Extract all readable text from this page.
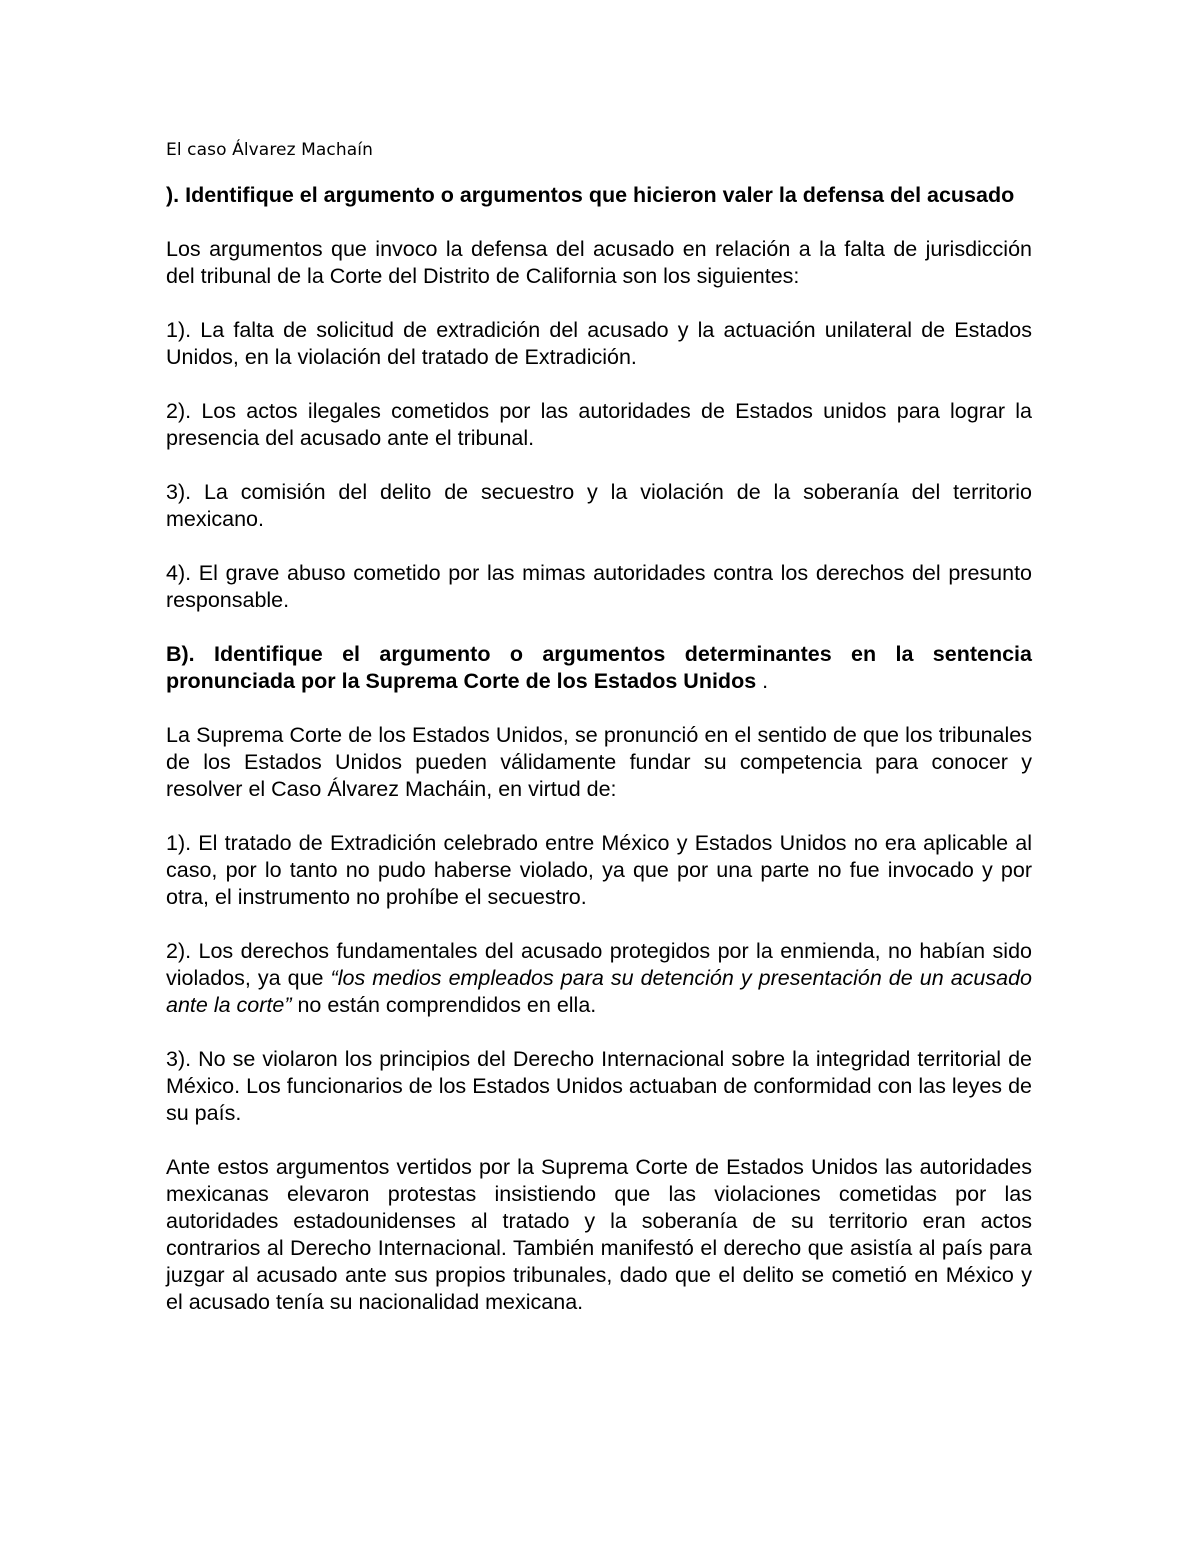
El caso Álvarez Machaín

). Identifique el argumento o argumentos que hicieron valer la defensa del acusado

Los argumentos que invoco la defensa del acusado en relación a la falta de jurisdicción del tribunal de la Corte del Distrito de California son los siguientes:

1). La falta de solicitud de extradición del acusado y la actuación unilateral de Estados Unidos, en la violación del tratado de Extradición.

2). Los actos ilegales cometidos por las autoridades de Estados unidos para lograr la presencia del acusado ante el tribunal.

3). La comisión del delito de secuestro y la violación de la soberanía del territorio mexicano.

4). El grave abuso cometido por las mimas autoridades contra los derechos del presunto responsable.

B). Identifique el argumento o argumentos determinantes en la sentencia pronunciada por la Suprema Corte de los Estados Unidos .

La Suprema Corte de los Estados Unidos, se pronunció en el sentido de que los tribunales de los Estados Unidos pueden válidamente fundar su competencia para conocer y resolver el Caso Álvarez Macháin, en virtud de:

1). El tratado de Extradición celebrado entre México y Estados Unidos no era aplicable al caso, por lo tanto no pudo haberse violado, ya que por una parte no fue invocado y por otra, el instrumento no prohíbe el secuestro.

2). Los derechos fundamentales del acusado protegidos por la enmienda, no habían sido violados, ya que “los medios empleados para su detención y presentación de un acusado ante la corte” no están comprendidos en ella.

3). No se violaron los principios del Derecho Internacional sobre la integridad territorial de México. Los funcionarios de los Estados Unidos actuaban de conformidad con las leyes de su país.

Ante estos argumentos vertidos por la Suprema Corte de Estados Unidos las autoridades mexicanas elevaron protestas insistiendo que las violaciones cometidas por las autoridades estadounidenses al tratado y la soberanía de su territorio eran actos contrarios al Derecho Internacional. También manifestó el derecho que asistía al país para juzgar al acusado ante sus propios tribunales, dado que el delito se cometió en México y el acusado tenía su nacionalidad mexicana.
